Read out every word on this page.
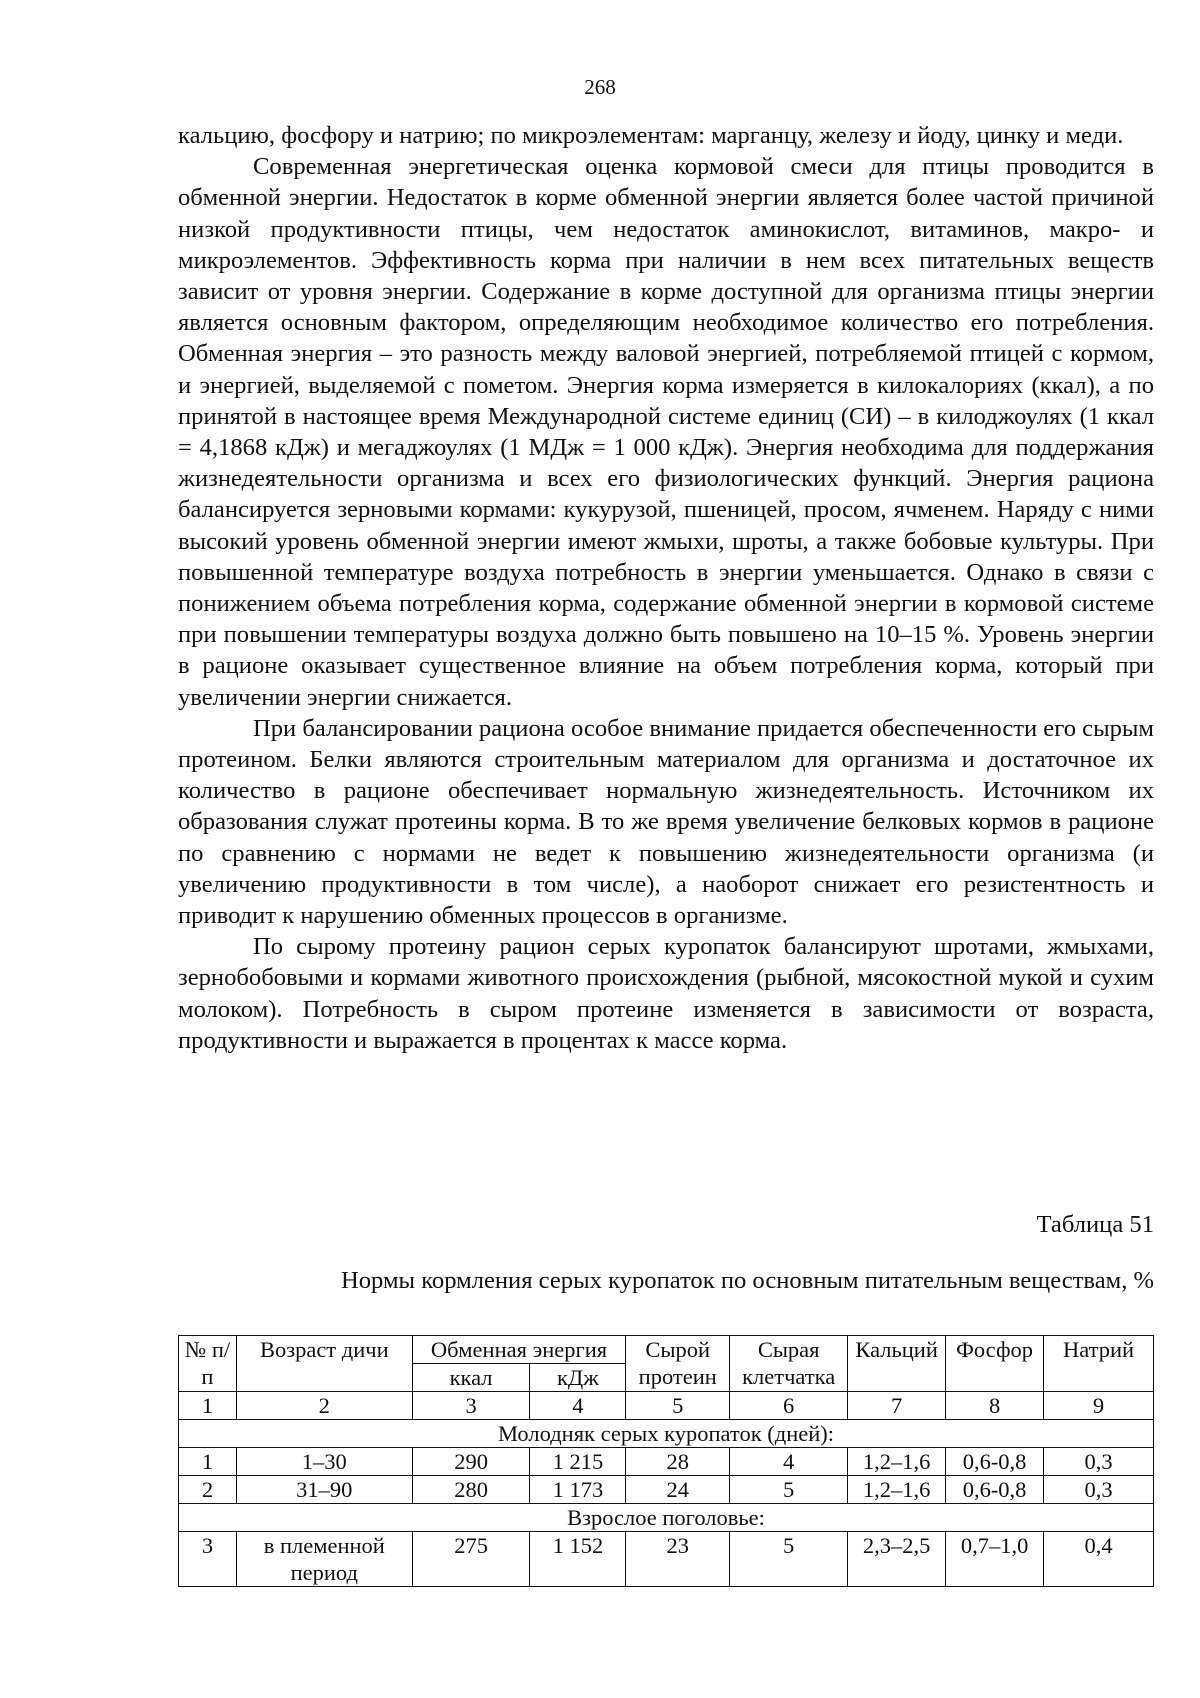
268

кальцию, фосфору и натрию; по микроэлементам: марганцу, железу и йоду, цинку и меди.

Современная энергетическая оценка кормовой смеси для птицы проводится в обменной энергии. Недостаток в корме обменной энергии является более частой причиной низкой продуктивности птицы, чем недостаток аминокислот, витаминов, макро- и микроэлементов. Эффективность корма при наличии в нем всех питательных веществ зависит от уровня энергии. Содержание в корме доступной для организма птицы энергии является основным фактором, определяющим необходимое количество его потребления. Обменная энергия – это разность между валовой энергией, потребляемой птицей с кормом, и энергией, выделяемой с пометом. Энергия корма измеряется в килокалориях (ккал), а по принятой в настоящее время Международной системе единиц (СИ) – в килоджоулях (1 ккал = 4,1868 кДж) и мегаджоулях (1 МДж = 1 000 кДж). Энергия необходима для поддержания жизнедеятельности организма и всех его физиологических функций. Энергия рациона балансируется зерновыми кормами: кукурузой, пшеницей, просом, ячменем. Наряду с ними высокий уровень обменной энергии имеют жмыхи, шроты, а также бобовые культуры. При повышенной температуре воздуха потребность в энергии уменьшается. Однако в связи с понижением объема потребления корма, содержание обменной энергии в кормовой системе при повышении температуры воздуха должно быть повышено на 10–15 %. Уровень энергии в рационе оказывает существенное влияние на объем потребления корма, который при увеличении энергии снижается.

При балансировании рациона особое внимание придается обеспеченности его сырым протеином. Белки являются строительным материалом для организма и достаточное их количество в рационе обеспечивает нормальную жизнедеятельность. Источником их образования служат протеины корма. В то же время увеличение белковых кормов в рационе по сравнению с нормами не ведет к повышению жизнедеятельности организма (и увеличению продуктивности в том числе), а наоборот снижает его резистентность и приводит к нарушению обменных процессов в организме.

По сырому протеину рацион серых куропаток балансируют шротами, жмыхами, зернобобовыми и кормами животного происхождения (рыбной, мясокостной мукой и сухим молоком). Потребность в сыром протеине изменяется в зависимости от возраста, продуктивности и выражается в процентах к массе корма.

Таблица 51
Нормы кормления серых куропаток по основным питательным веществам, %
№ п/п	Возраст дичи	Обменная энергия		Сырой протеин	Сырая клетчатка	Кальций	Фосфор	Натрий
		ккал	кДж					
1	2	3	4	5	6	7	8	9
Молодняк серых куропаток (дней):								
1	1–30	290	1 215	28	4	1,2–1,6	0,6-0,8	0,3
2	31–90	280	1 173	24	5	1,2–1,6	0,6-0,8	0,3
Взрослое поголовье:								
3	в племенной период	275	1 152	23	5	2,3–2,5	0,7–1,0	0,4
